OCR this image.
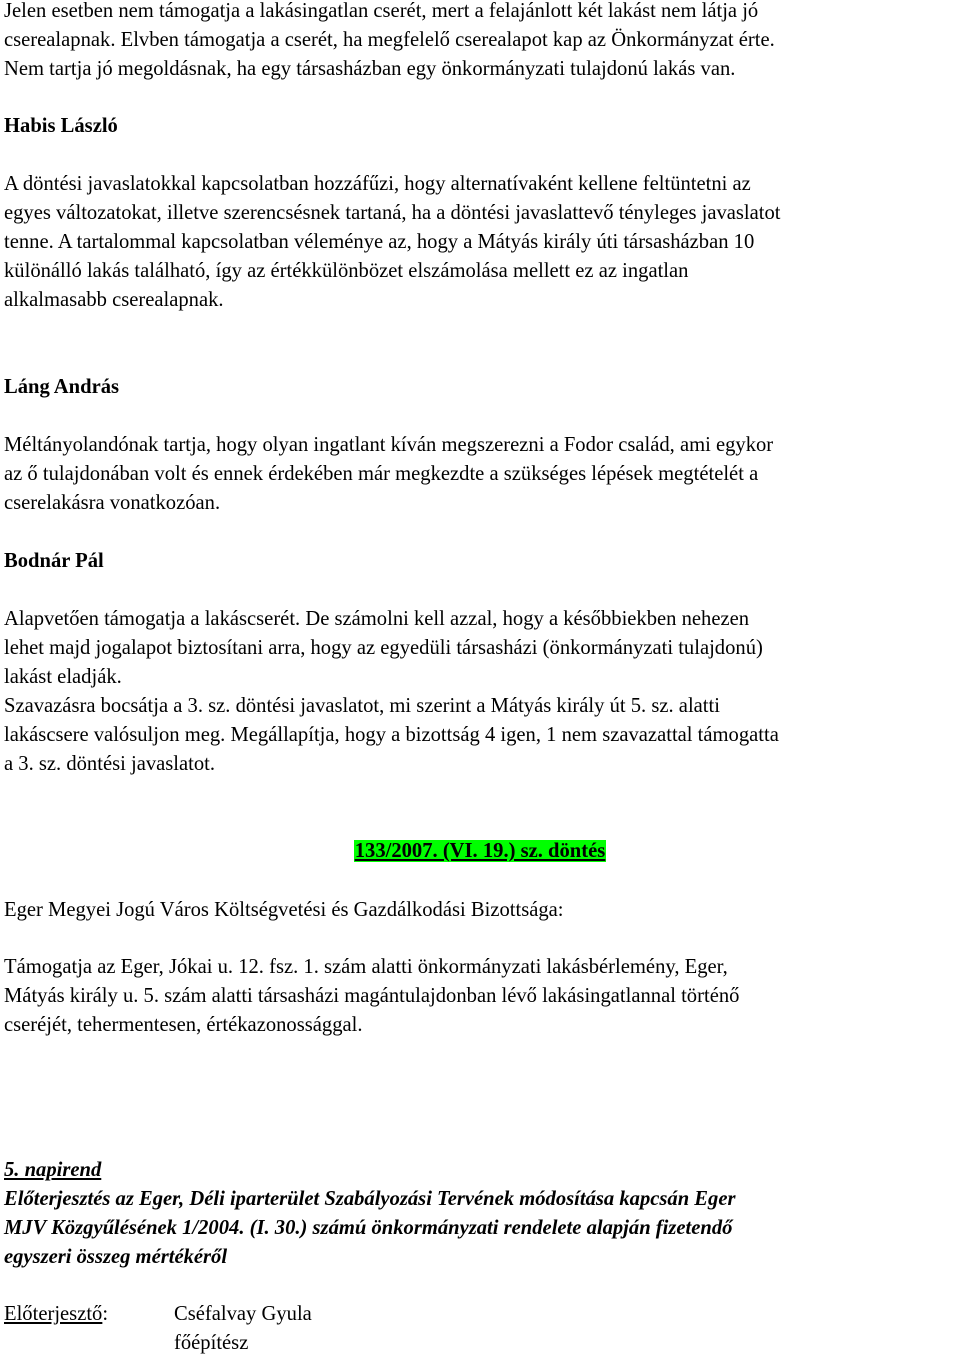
Jelen esetben nem támogatja a lakásingatlan cserét, mert a felajánlott két lakást nem látja jó

cserealapnak. Elvben támogatja a cserét, ha megfelelő cserealapot kap az Önkormányzat érte.

Nem tartja jó megoldásnak, ha egy társasházban egy önkormányzati tulajdonú lakás van.

Habis László

A döntési javaslatokkal kapcsolatban hozzáfűzi, hogy alternatívaként kellene feltüntetni az

egyes változatokat, illetve szerencsésnek tartaná, ha a döntési javaslattevő tényleges javaslatot

tenne. A tartalommal kapcsolatban véleménye az, hogy a Mátyás király úti társasházban 10

különálló lakás található, így az értékkülönbözet elszámolása mellett ez az ingatlan

alkalmasabb cserealapnak.

Láng András

Méltányolandónak tartja, hogy olyan ingatlant kíván megszerezni a Fodor család, ami egykor

az ő tulajdonában volt és ennek érdekében már megkezdte a szükséges lépések megtételét a

cserelakásra vonatkozóan.

Bodnár Pál

Alapvetően támogatja a lakáscserét. De számolni kell azzal, hogy a későbbiekben nehezen

lehet majd jogalapot biztosítani arra, hogy az egyedüli társasházi (önkormányzati tulajdonú)

lakást eladják.

Szavazásra bocsátja a 3. sz. döntési javaslatot, mi szerint a Mátyás király út 5. sz. alatti

lakáscsere valósuljon meg. Megállapítja, hogy a bizottság 4 igen, 1 nem szavazattal támogatta

a 3. sz. döntési javaslatot.

133/2007. (VI. 19.) sz. döntés

Eger Megyei Jogú Város Költségvetési és Gazdálkodási Bizottsága:

Támogatja az Eger, Jókai u. 12. fsz. 1. szám alatti önkormányzati lakásbérlemény, Eger,

Mátyás király u. 5. szám alatti társasházi magántulajdonban lévő lakásingatlannal történő

cseréjét, tehermentesen, értékazonossággal.

5. napirend

Előterjesztés az Eger, Déli iparterület Szabályozási Tervének módosítása kapcsán Eger

MJV Közgyűlésének 1/2004. (I. 30.) számú önkormányzati rendelete alapján fizetendő

egyszeri összeg mértékéről

Előterjesztő:	Cséfalvay Gyula
főépítész
